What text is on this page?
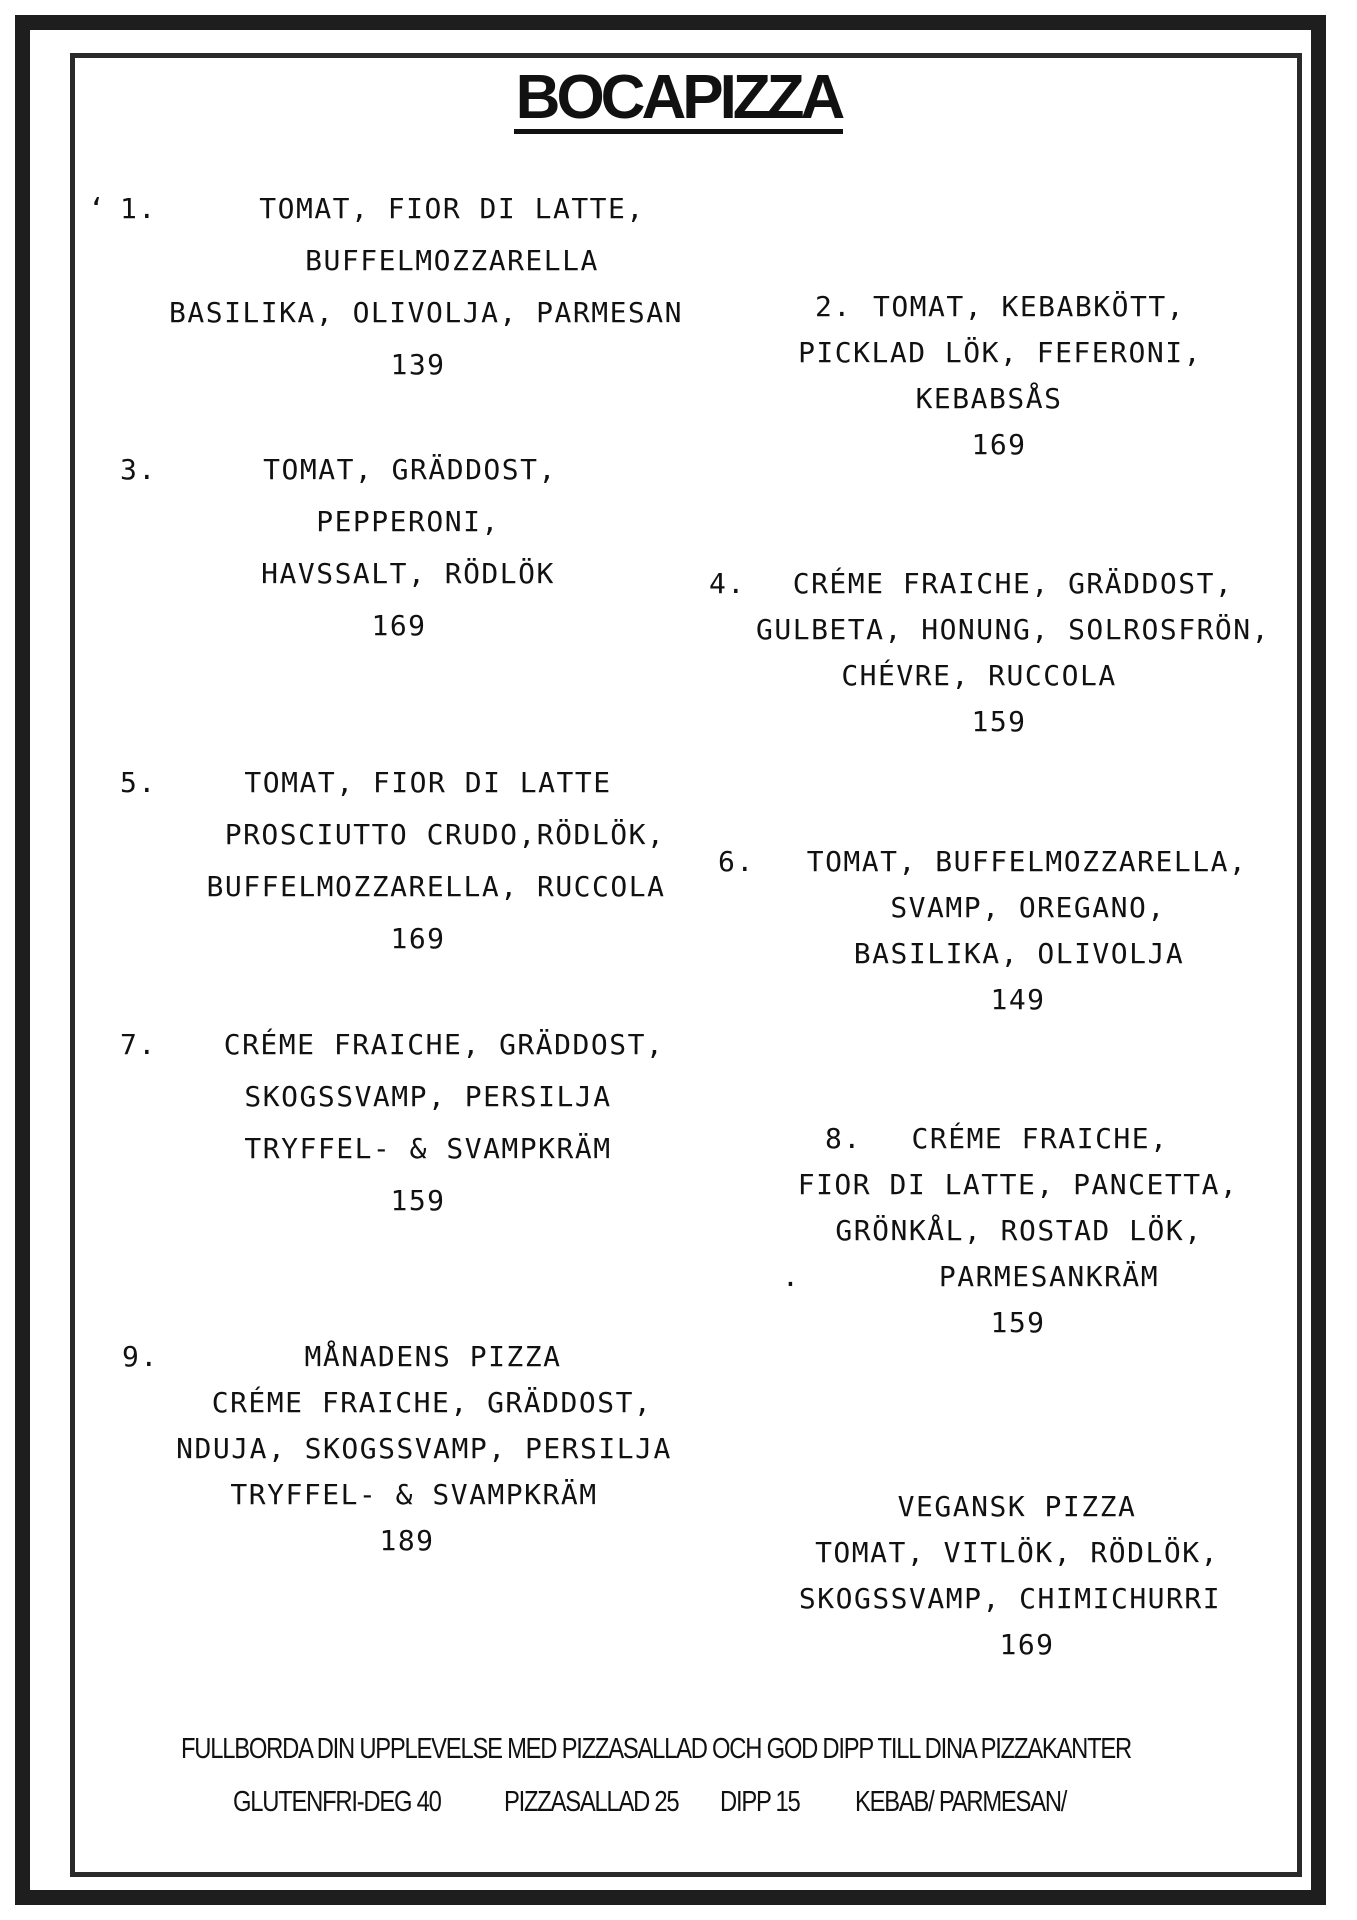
BOCAPIZZA
‘ 1.	TOMAT, FIOR DI LATTE,
BUFFELMOZZARELLA
BASILIKA, OLIVOLJA, PARMESAN
139
2. TOMAT, KEBABKÖTT,
PICKLAD LÖK, FEFERONI,
KEBABSÅS
169
3.	TOMAT, GRÄDDOST,
PEPPERONI,
HAVSSALT, RÖDLÖK
169
4. CRÉME FRAICHE, GRÄDDOST,
GULBETA, HONUNG, SOLROSFRÖN,
CHÉVRE, RUCCOLA
159
5.	TOMAT, FIOR DI LATTE
PROSCIUTTO CRUDO,RÖDLÖK,
BUFFELMOZZARELLA, RUCCOLA
169
6. TOMAT, BUFFELMOZZARELLA,
SVAMP, OREGANO,
BASILIKA, OLIVOLJA
149
7. CRÉME FRAICHE, GRÄDDOST,
SKOGSSVAMP, PERSILJA
TRYFFEL- & SVAMPKRÄM
159
8. CRÉME FRAICHE,
FIOR DI LATTE, PANCETTA,
GRÖNKÅL, ROSTAD LÖK,
.	PARMESANKRÄM
159
9.	MÅNADENS PIZZA
CRÉME FRAICHE, GRÄDDOST,
NDUJA, SKOGSSVAMP, PERSILJA
TRYFFEL- & SVAMPKRÄM
189
VEGANSK PIZZA
TOMAT, VITLÖK, RÖDLÖK,
SKOGSSVAMP, CHIMICHURRI
169
FULLBORDA DIN UPPLEVELSE MED PIZZASALLAD OCH GOD DIPP TILL DINA PIZZAKANTER
GLUTENFRI-DEG 40 PIZZASALLAD 25 DIPP 15 KEBAB/ PARMESAN/
